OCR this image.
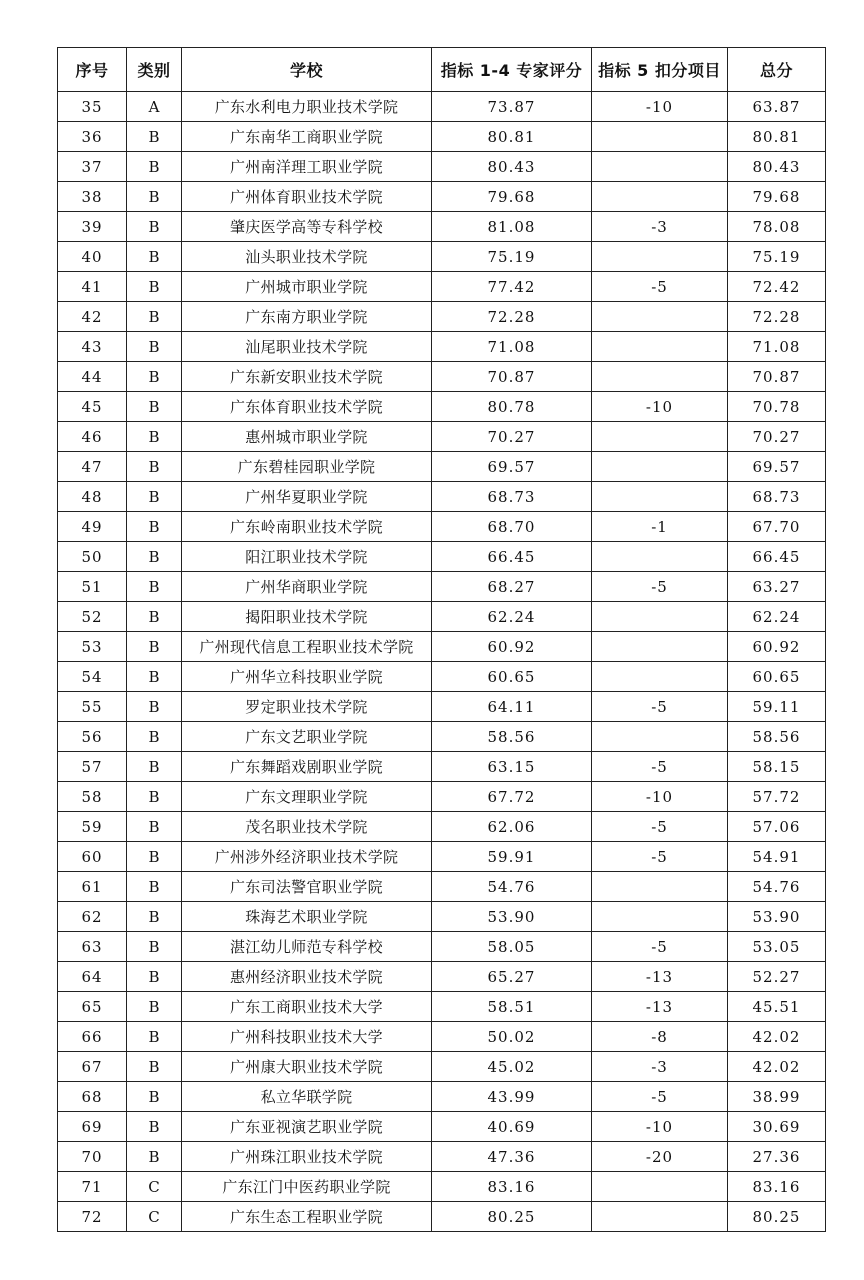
序号	类别	学校	指标 1-4 专家评分	指标 5 扣分项目	总分
35	A	广东水利电力职业技术学院	73.87	-10	63.87
36	B	广东南华工商职业学院	80.81		80.81
37	B	广州南洋理工职业学院	80.43		80.43
38	B	广州体育职业技术学院	79.68		79.68
39	B	肇庆医学高等专科学校	81.08	-3	78.08
40	B	汕头职业技术学院	75.19		75.19
41	B	广州城市职业学院	77.42	-5	72.42
42	B	广东南方职业学院	72.28		72.28
43	B	汕尾职业技术学院	71.08		71.08
44	B	广东新安职业技术学院	70.87		70.87
45	B	广东体育职业技术学院	80.78	-10	70.78
46	B	惠州城市职业学院	70.27		70.27
47	B	广东碧桂园职业学院	69.57		69.57
48	B	广州华夏职业学院	68.73		68.73
49	B	广东岭南职业技术学院	68.70	-1	67.70
50	B	阳江职业技术学院	66.45		66.45
51	B	广州华商职业学院	68.27	-5	63.27
52	B	揭阳职业技术学院	62.24		62.24
53	B	广州现代信息工程职业技术学院	60.92		60.92
54	B	广州华立科技职业学院	60.65		60.65
55	B	罗定职业技术学院	64.11	-5	59.11
56	B	广东文艺职业学院	58.56		58.56
57	B	广东舞蹈戏剧职业学院	63.15	-5	58.15
58	B	广东文理职业学院	67.72	-10	57.72
59	B	茂名职业技术学院	62.06	-5	57.06
60	B	广州涉外经济职业技术学院	59.91	-5	54.91
61	B	广东司法警官职业学院	54.76		54.76
62	B	珠海艺术职业学院	53.90		53.90
63	B	湛江幼儿师范专科学校	58.05	-5	53.05
64	B	惠州经济职业技术学院	65.27	-13	52.27
65	B	广东工商职业技术大学	58.51	-13	45.51
66	B	广州科技职业技术大学	50.02	-8	42.02
67	B	广州康大职业技术学院	45.02	-3	42.02
68	B	私立华联学院	43.99	-5	38.99
69	B	广东亚视演艺职业学院	40.69	-10	30.69
70	B	广州珠江职业技术学院	47.36	-20	27.36
71	C	广东江门中医药职业学院	83.16		83.16
72	C	广东生态工程职业学院	80.25		80.25
